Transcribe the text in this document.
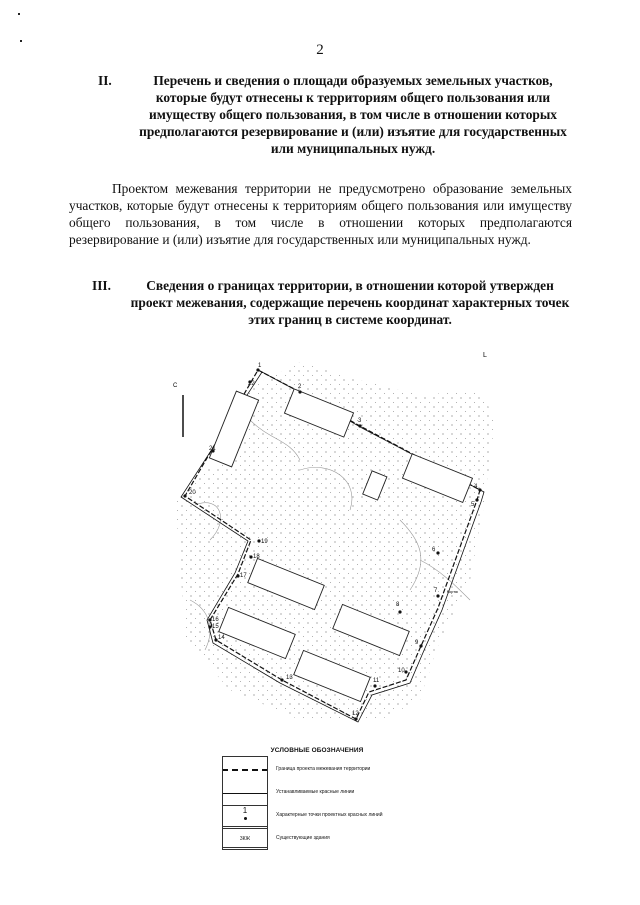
2
II.	Перечень и сведения о площади образуемых земельных участков, которые будут отнесены к территориям общего пользования или имуществу общего пользования, в том числе в отношении которых предполагаются резервирование и (или) изъятие для государственных или муниципальных нужд.
Проектом межевания территории не предусмотрено образование земельных участков, которые будут отнесены к территориям общего пользования или имуществу общего пользования, в том числе в отношении которых предполагаются резервирование и (или) изъятие для государственных или муниципальных нужд.
III.	Сведения о границах территории, в отношении которой утвержден проект межевания, содержащие перечень координат характерных точек этих границ в системе координат.
С
L
Горты
1
2
3
4
5
6
7
8
9
10
11
12
13
14
15
16
17
18
19
20
21
22
УСЛОВНЫЕ ОБОЗНАЧЕНИЯ
Граница проекта межевания территории
Устанавливаемые красные линии
1	Характерные точки проектных красных линий
3КЖ	Существующие здания
